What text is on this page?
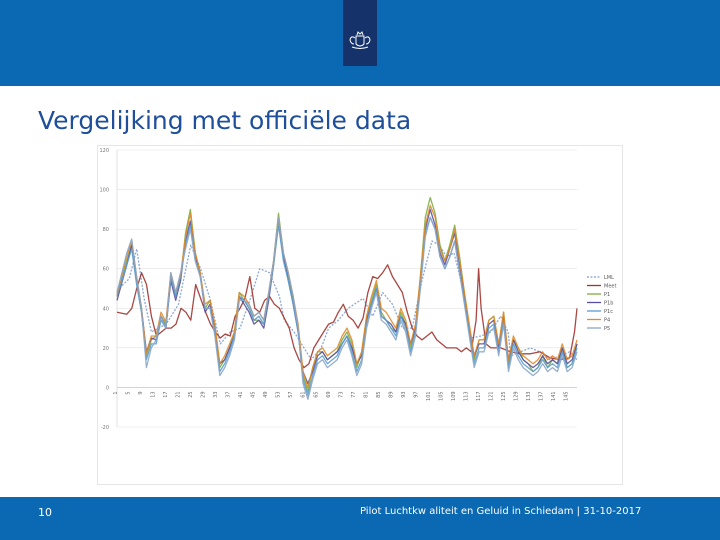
Vergelijking met officiële data
-20
0
20
40
60
80
100
120
1 5 9 13 17 21 25 29 33 37 41 45 49 53 57 61 65 69 73 77 81 85 89 93 97 101 105 109 113 117 121 125 129 133 137 141 145
LML
Meet
P1
P1b
P1c
P4
P5
10	Pilot Luchtkw aliteit en Geluid in Schiedam | 31-10-2017
